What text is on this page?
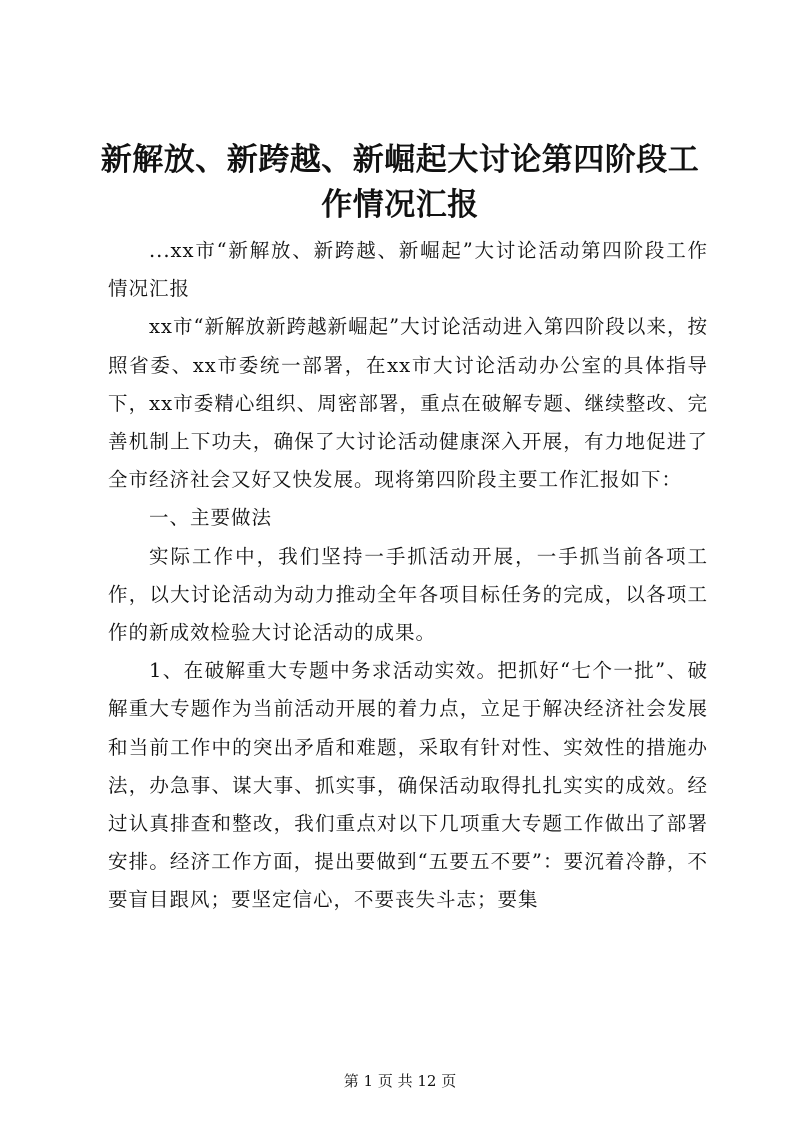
新解放、新跨越、新崛起大讨论第四阶段工作情况汇报

...xx市“新解放、新跨越、新崛起”大讨论活动第四阶段工作情况汇报

xx市“新解放新跨越新崛起”大讨论活动进入第四阶段以来，按照省委、xx市委统一部署，在xx市大讨论活动办公室的具体指导下，xx市委精心组织、周密部署，重点在破解专题、继续整改、完善机制上下功夫，确保了大讨论活动健康深入开展，有力地促进了全市经济社会又好又快发展。现将第四阶段主要工作汇报如下：

一、主要做法

实际工作中，我们坚持一手抓活动开展，一手抓当前各项工作，以大讨论活动为动力推动全年各项目标任务的完成，以各项工作的新成效检验大讨论活动的成果。

1、在破解重大专题中务求活动实效。把抓好“七个一批”、破解重大专题作为当前活动开展的着力点，立足于解决经济社会发展和当前工作中的突出矛盾和难题，采取有针对性、实效性的措施办法，办急事、谋大事、抓实事，确保活动取得扎扎实实的成效。经过认真排查和整改，我们重点对以下几项重大专题工作做出了部署安排。经济工作方面，提出要做到“五要五不要”：要沉着冷静，不要盲目跟风；要坚定信心，不要丧失斗志；要集

第 1 页 共 12 页
